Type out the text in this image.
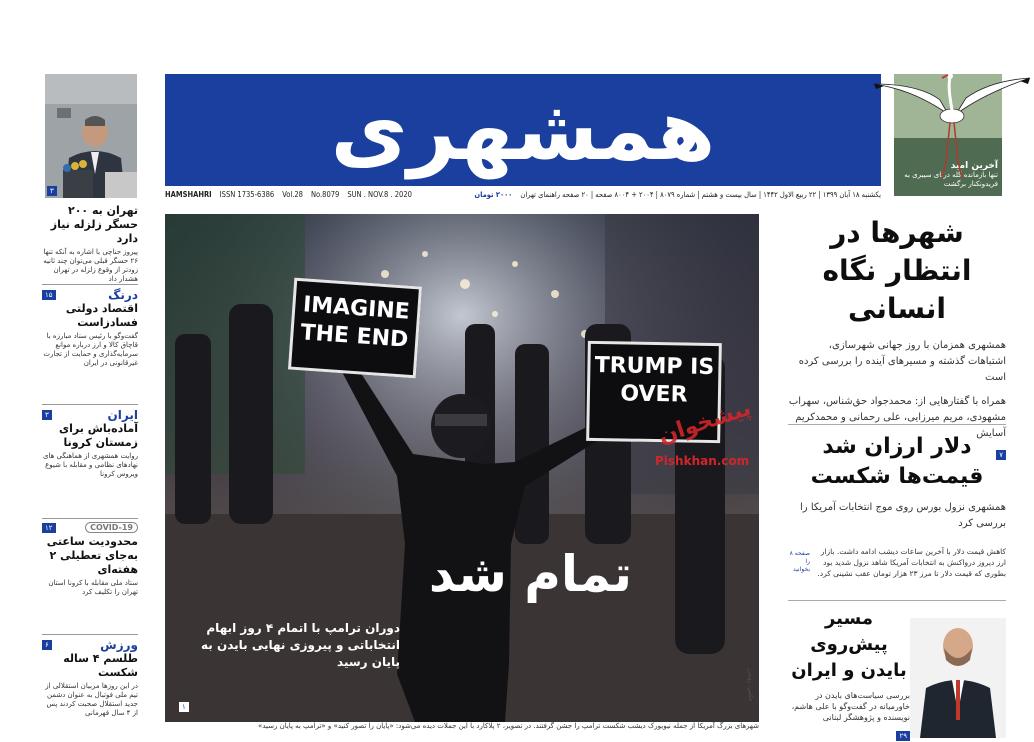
همشهری
HAMSHAHRI ISSN 1735-6386 Vol.28 No.8079 SUN . NOV.8 . 2020	یکشنبه ۱۸ آبان ۱۳۹۹ | ۲۲ ربیع الاول ۱۴۴۲ | سال بیست و هشتم | شماره ۸۰۷۹ | ۲۰۰۴ + ۸۰۰۴ صفحه | ۲۰ صفحه راهنمای تهران
۲۰۰۰ تومان
آخرین امید
تنها بازمانده گله درنای سیبری به فریدونکنار برگشت
۳
تهران به ۲۰۰ حسگر زلزله نیاز دارد
پیروز حناچی با اشاره به آنکه تنها ۲۶ حسگر قبلی می‌توان چند ثانیه زودتر از وقوع زلزله در تهران هشدار داد
درنگ
۱۵
اقتصاد دولتی فسادزاست
گفت‌وگو با رئیس ستاد مبارزه با قاچاق کالا و ارز درباره موانع سرمایه‌گذاری و حمایت از تجارت غیرقانونی در ایران
ایران
۳
آماده‌باش برای زمستان کرونا
روایت همشهری از هماهنگی های نهادهای نظامی و مقابله با شیوع ویروس کرونا
COVID-19
۱۲
محدودیت ساعتی به‌جای تعطیلی ۲ هفته‌ای
ستاد ملی مقابله با کرونا استان تهران را تکلیف کرد
ورزش
۶
طلسم ۴ ساله شکست
در این روزها مربیان استقلالی از تیم ملی فوتبال به عنوان دشمن جدید استقلال صحبت کردند پس از ۴ سال قهرمانی
IMAGINE THE END
TRUMP IS OVER
پیشخوان
Pishkhan.com
۱
تمام شد
دوران ترامپ با اتمام ۴ روز ابهام انتخاباتی و پیروزی نهایی بایدن به پایان رسید
عکس: رویترز
شهرهای بزرگ آمریکا از جمله نیویورک دیشب شکست ترامپ را جشن گرفتند. در تصویر، ۲ پلاکارد با این جملات دیده می‌شود: «پایان را تصور کنید» و «ترامپ به پایان رسید»
شهرها در انتظار نگاه انسانی
همشهری همزمان با روز جهانی شهرسازی، اشتباهات گذشته و مسیرهای آینده را بررسی کرده است
همراه با گفتارهایی از: محمدجواد حق‌شناس، سهراب مشهودی، مریم میرزایی، علی رحمانی و محمدکریم آسایش
۷
دلار ارزان شد قیمت‌ها شکست
همشهری نزول بورس روی موج انتخابات آمریکا را بررسی کرد
کاهش قیمت دلار با آخرین ساعات دیشب ادامه داشت. بازار ارز دیروز درواکنش به انتخابات آمریکا شاهد نزول شدید بود بطوری که قیمت دلار تا مرز ۲۳ هزار تومان عقب نشینی کرد.
صفحه ۸ را بخوانید
مسیر پیش‌روی بایدن و ایران
بررسی سیاست‌های بایدن در خاورمیانه در گفت‌وگو با علی هاشم، نویسنده و پژوهشگر لبنانی
۲۹
